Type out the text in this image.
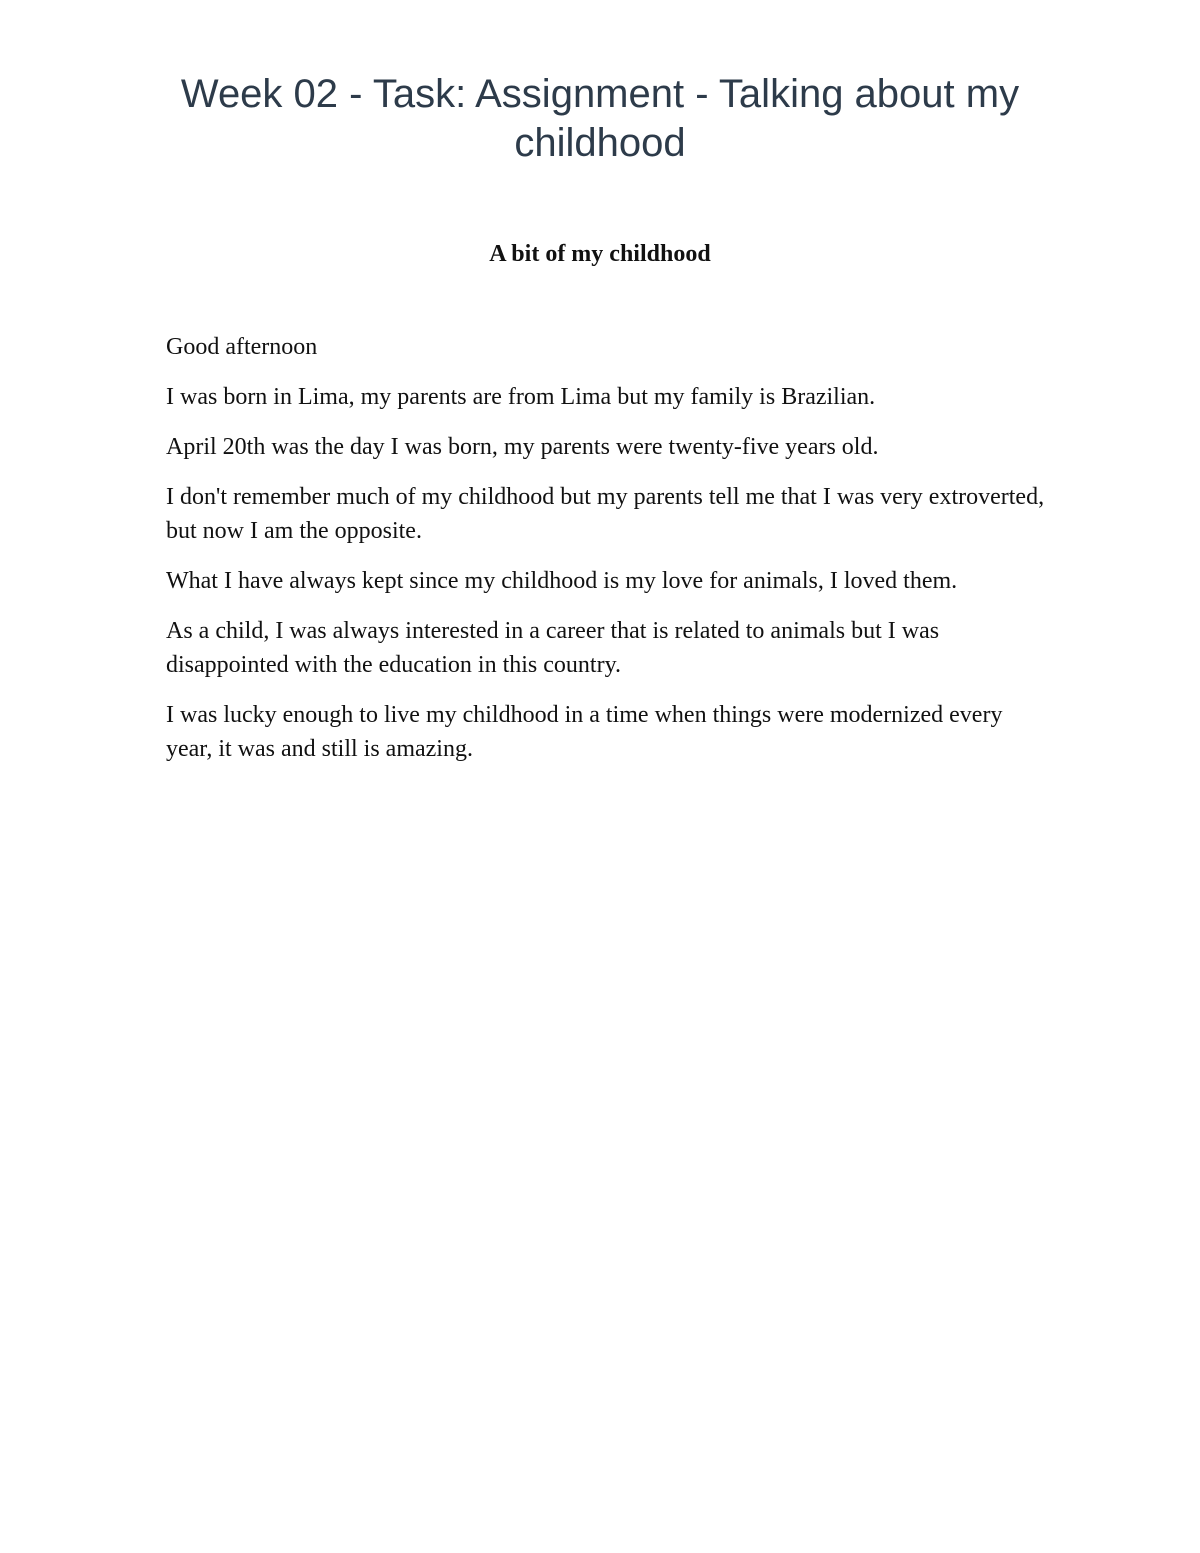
Week 02 - Task: Assignment - Talking about my childhood
A bit of my childhood

Good afternoon

I was born in Lima, my parents are from Lima but my family is Brazilian.

April 20th was the day I was born, my parents were twenty-five years old.

I don't remember much of my childhood but my parents tell me that I was very extroverted, but now I am the opposite.

What I have always kept since my childhood is my love for animals, I loved them.

As a child, I was always interested in a career that is related to animals but I was disappointed with the education in this country.

I was lucky enough to live my childhood in a time when things were modernized every year, it was and still is amazing.
